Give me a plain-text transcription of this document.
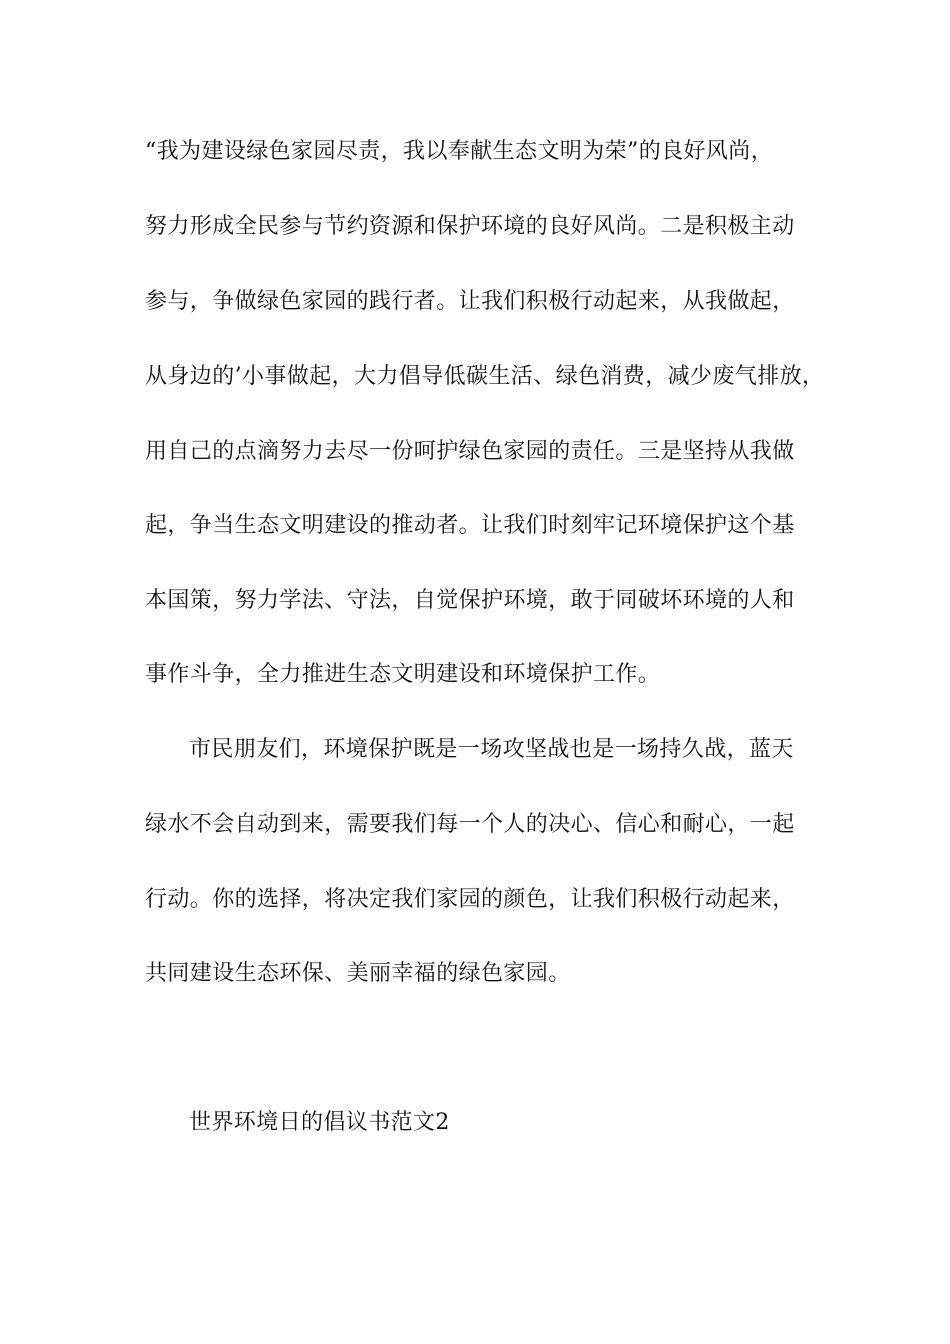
“我为建设绿色家园尽责，我以奉献生态文明为荣”的良好风尚，
努力形成全民参与节约资源和保护环境的良好风尚。二是积极主动
参与，争做绿色家园的践行者。让我们积极行动起来，从我做起，
从身边的’小事做起，大力倡导低碳生活、绿色消费，减少废气排放，
用自己的点滴努力去尽一份呵护绿色家园的责任。三是坚持从我做
起，争当生态文明建设的推动者。让我们时刻牢记环境保护这个基
本国策，努力学法、守法，自觉保护环境，敢于同破坏环境的人和
事作斗争，全力推进生态文明建设和环境保护工作。
市民朋友们，环境保护既是一场攻坚战也是一场持久战，蓝天
绿水不会自动到来，需要我们每一个人的决心、信心和耐心，一起
行动。你的选择，将决定我们家园的颜色，让我们积极行动起来，
共同建设生态环保、美丽幸福的绿色家园。
世界环境日的倡议书范文2
